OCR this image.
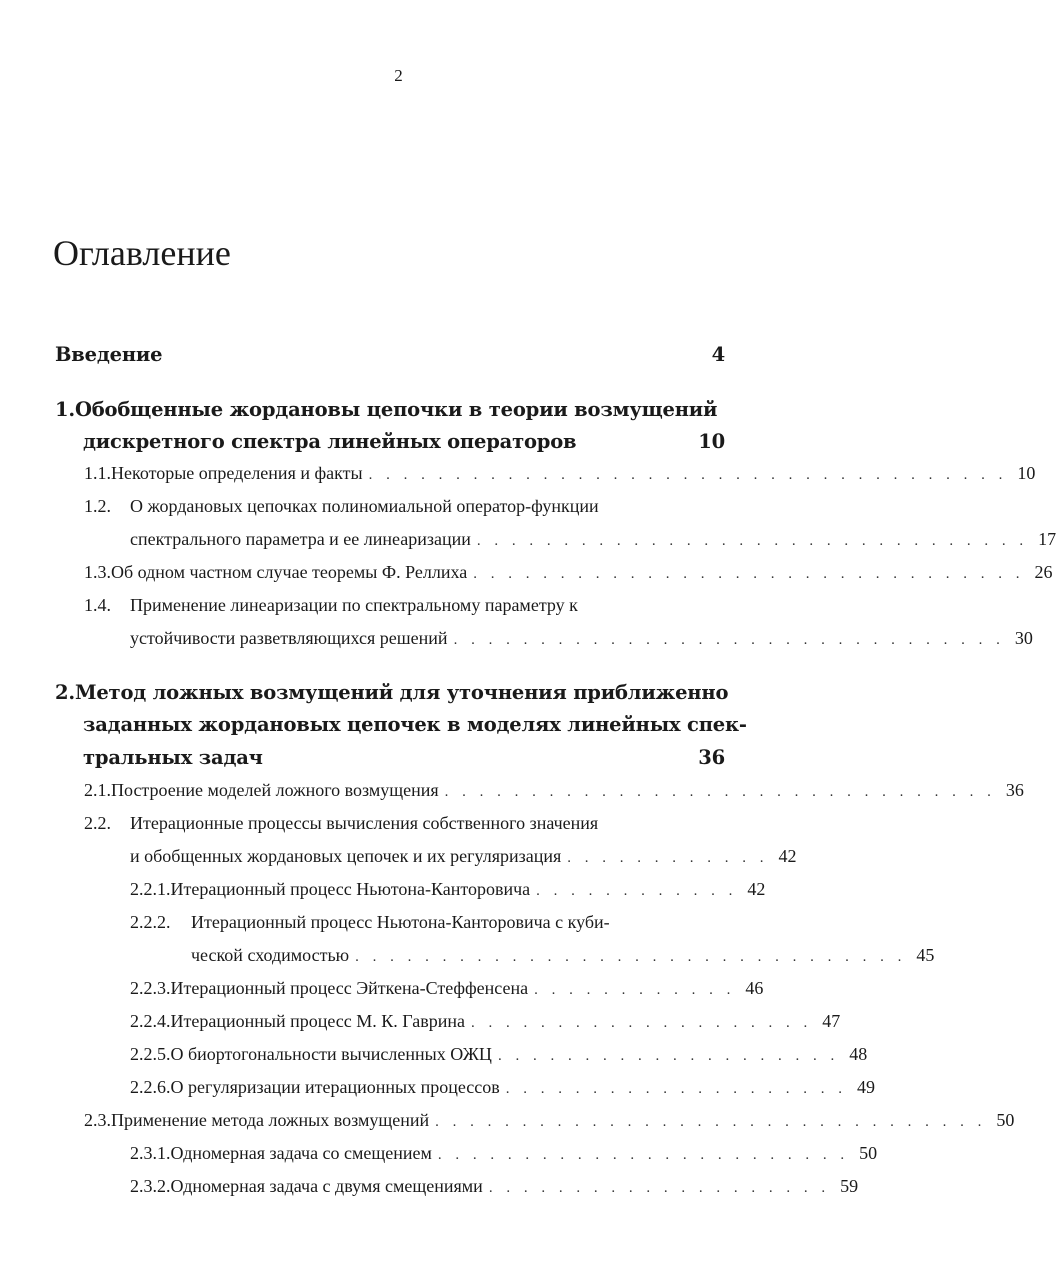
2
Оглавление
Введение	4
1. Обобщенные жордановы цепочки в теории возмущений
дискретного спектра линейных операторов	10
1.1. Некоторые определения и факты . . . . . . . . . . . . . . . . . . . . . . . . . . . . . . . . . . . . . 10
1.2.	О жордановых цепочках полиномиальной оператор-функции
спектрального параметра и ее линеаризации . . . . . . . . . . . . . . . . . . . . . . . . . . . . . . . . 17
1.3. Об одном частном случае теоремы Ф. Реллиха . . . . . . . . . . . . . . . . . . . . . . . . . . . . . . . . 26
1.4.	Применение линеаризации по спектральному параметру к
устойчивости разветвляющихся решений . . . . . . . . . . . . . . . . . . . . . . . . . . . . . . . . 30
2. Метод ложных возмущений для уточнения приближенно
заданных жордановых цепочек в моделях линейных спек-
тральных задач	36
2.1. Построение моделей ложного возмущения . . . . . . . . . . . . . . . . . . . . . . . . . . . . . . . . 36
2.2.	Итерационные процессы вычисления собственного значения
и обобщенных жордановых цепочек и их регуляризация . . . . . . . . . . . . 42
2.2.1. Итерационный процесс Ньютона-Канторовича . . . . . . . . . . . . 42
2.2.2.	Итерационный процесс Ньютона-Канторовича с куби-
ческой сходимостью . . . . . . . . . . . . . . . . . . . . . . . . . . . . . . . . 45
2.2.3. Итерационный процесс Эйткена-Стеффенсена . . . . . . . . . . . . 46
2.2.4. Итерационный процесс М. К. Гаврина . . . . . . . . . . . . . . . . . . . . 47
2.2.5. О биортогональности вычисленных ОЖЦ . . . . . . . . . . . . . . . . . . . . 48
2.2.6. О регуляризации итерационных процессов . . . . . . . . . . . . . . . . . . . . 49
2.3. Применение метода ложных возмущений . . . . . . . . . . . . . . . . . . . . . . . . . . . . . . . . 50
2.3.1. Одномерная задача со смещением . . . . . . . . . . . . . . . . . . . . . . . . 50
2.3.2. Одномерная задача с двумя смещениями . . . . . . . . . . . . . . . . . . . . 59
